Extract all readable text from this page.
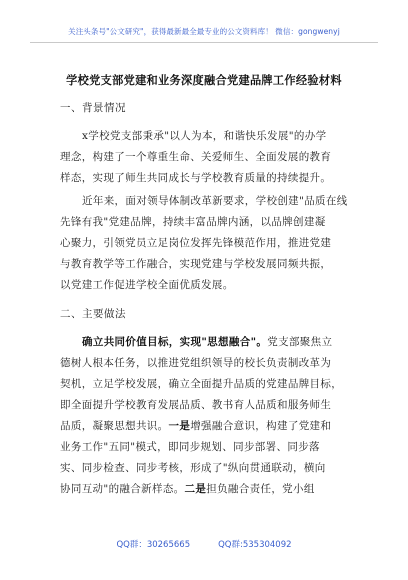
关注头条号"公文研究"，获得最新最全最专业的公文资料库！ 微信：gongwenyj
学校党支部党建和业务深度融合党建品牌工作经验材料
一、背景情况
x学校党支部秉承"以人为本，和谐快乐发展"的办学
理念，构建了一个尊重生命、关爱师生、全面发展的教育
样态，实现了师生共同成长与学校教育质量的持续提升。
近年来，面对领导体制改革新要求，学校创建"品质在线
先锋有我"党建品牌，持续丰富品牌内涵，以品牌创建凝
心聚力，引领党员立足岗位发挥先锋模范作用，推进党建
与教育教学等工作融合，实现党建与学校发展同频共振，
以党建工作促进学校全面优质发展。
二、主要做法
确立共同价值目标，实现"思想融合"。党支部聚焦立
德树人根本任务，以推进党组织领导的校长负责制改革为
契机，立足学校发展，确立全面提升品质的党建品牌目标，
即全面提升学校教育发展品质、教书育人品质和服务师生
品质，凝聚思想共识。一是增强融合意识，构建了党建和
业务工作"五同"模式，即同步规划、同步部署、同步落
实、同步检查、同步考核，形成了"纵向贯通联动，横向
协同互动"的融合新样态。二是担负融合责任，党小组
QQ群：30265665	QQ群:535304092
